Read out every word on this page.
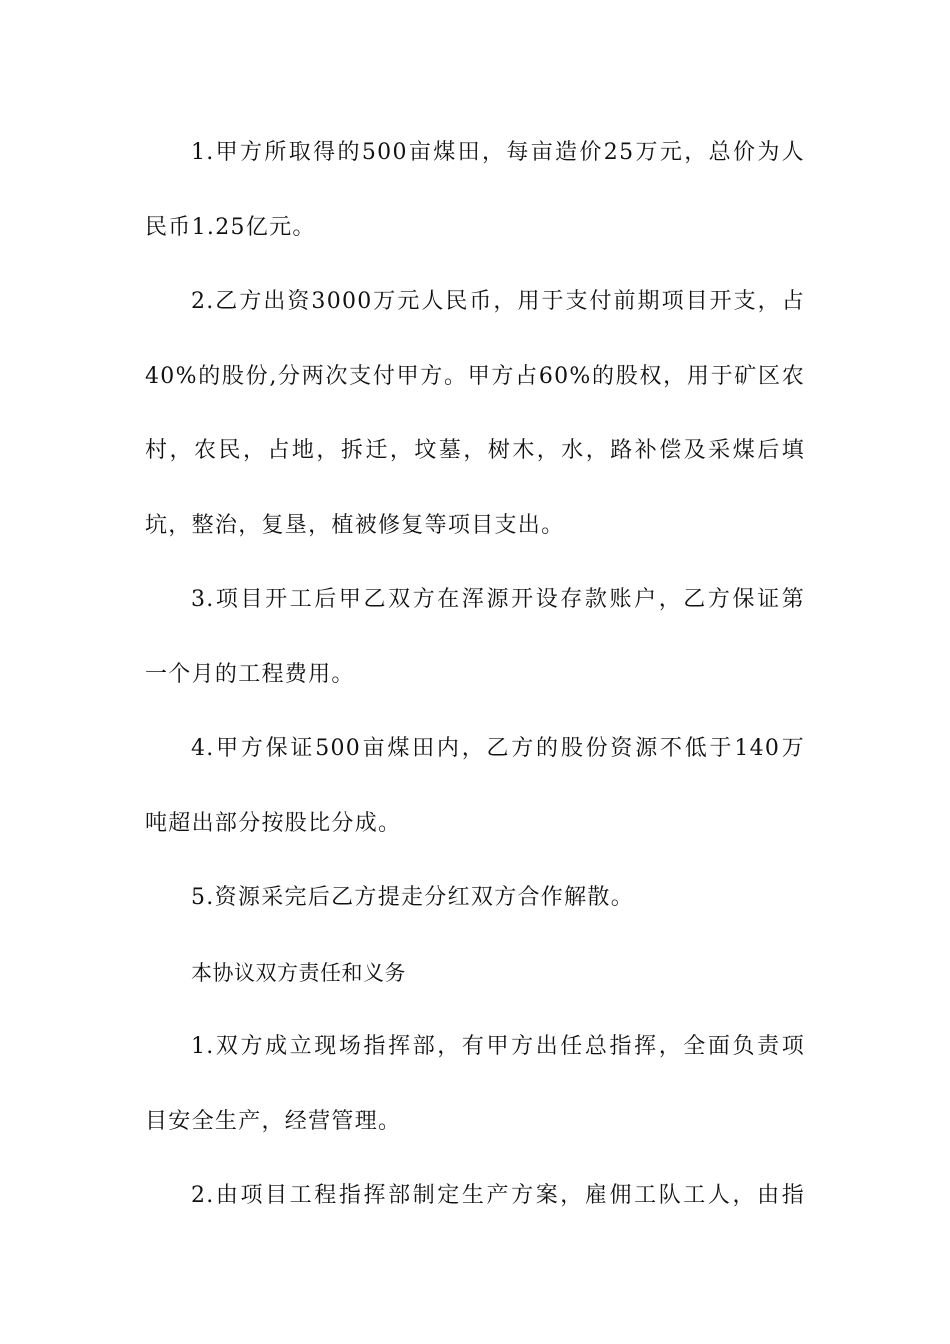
1.甲方所取得的500亩煤田，每亩造价25万元，总价为人
民币1.25亿元。
2.乙方出资3000万元人民币，用于支付前期项目开支，占
40%的股份,分两次支付甲方。甲方占60%的股权，用于矿区农
村，农民，占地，拆迁，坟墓，树木，水，路补偿及采煤后填
坑，整治，复垦，植被修复等项目支出。
3.项目开工后甲乙双方在浑源开设存款账户，乙方保证第
一个月的工程费用。
4.甲方保证500亩煤田内，乙方的股份资源不低于140万
吨超出部分按股比分成。
5.资源采完后乙方提走分红双方合作解散。
本协议双方责任和义务
1.双方成立现场指挥部，有甲方出任总指挥，全面负责项
目安全生产，经营管理。
2.由项目工程指挥部制定生产方案，雇佣工队工人，由指
